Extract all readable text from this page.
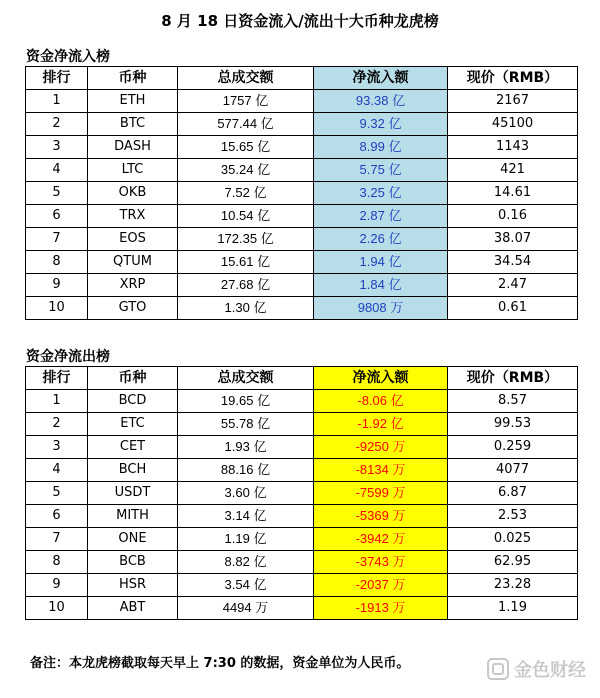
8 月 18 日资金流入/流出十大币种龙虎榜
资金净流入榜
排行	币种	总成交额	净流入额	现价（RMB）
1	ETH	1757 亿	93.38 亿	2167
2	BTC	577.44 亿	9.32 亿	45100
3	DASH	15.65 亿	8.99 亿	1143
4	LTC	35.24 亿	5.75 亿	421
5	OKB	7.52 亿	3.25 亿	14.61
6	TRX	10.54 亿	2.87 亿	0.16
7	EOS	172.35 亿	2.26 亿	38.07
8	QTUM	15.61 亿	1.94 亿	34.54
9	XRP	27.68 亿	1.84 亿	2.47
10	GTO	1.30 亿	9808 万	0.61
资金净流出榜
排行	币种	总成交额	净流入额	现价（RMB）
1	BCD	19.65 亿	-8.06 亿	8.57
2	ETC	55.78 亿	-1.92 亿	99.53
3	CET	1.93 亿	-9250 万	0.259
4	BCH	88.16 亿	-8134 万	4077
5	USDT	3.60 亿	-7599 万	6.87
6	MITH	3.14 亿	-5369 万	2.53
7	ONE	1.19 亿	-3942 万	0.025
8	BCB	8.82 亿	-3743 万	62.95
9	HSR	3.54 亿	-2037 万	23.28
10	ABT	4494 万	-1913 万	1.19
备注：本龙虎榜截取每天早上 7:30 的数据，资金单位为人民币。	金色财经
